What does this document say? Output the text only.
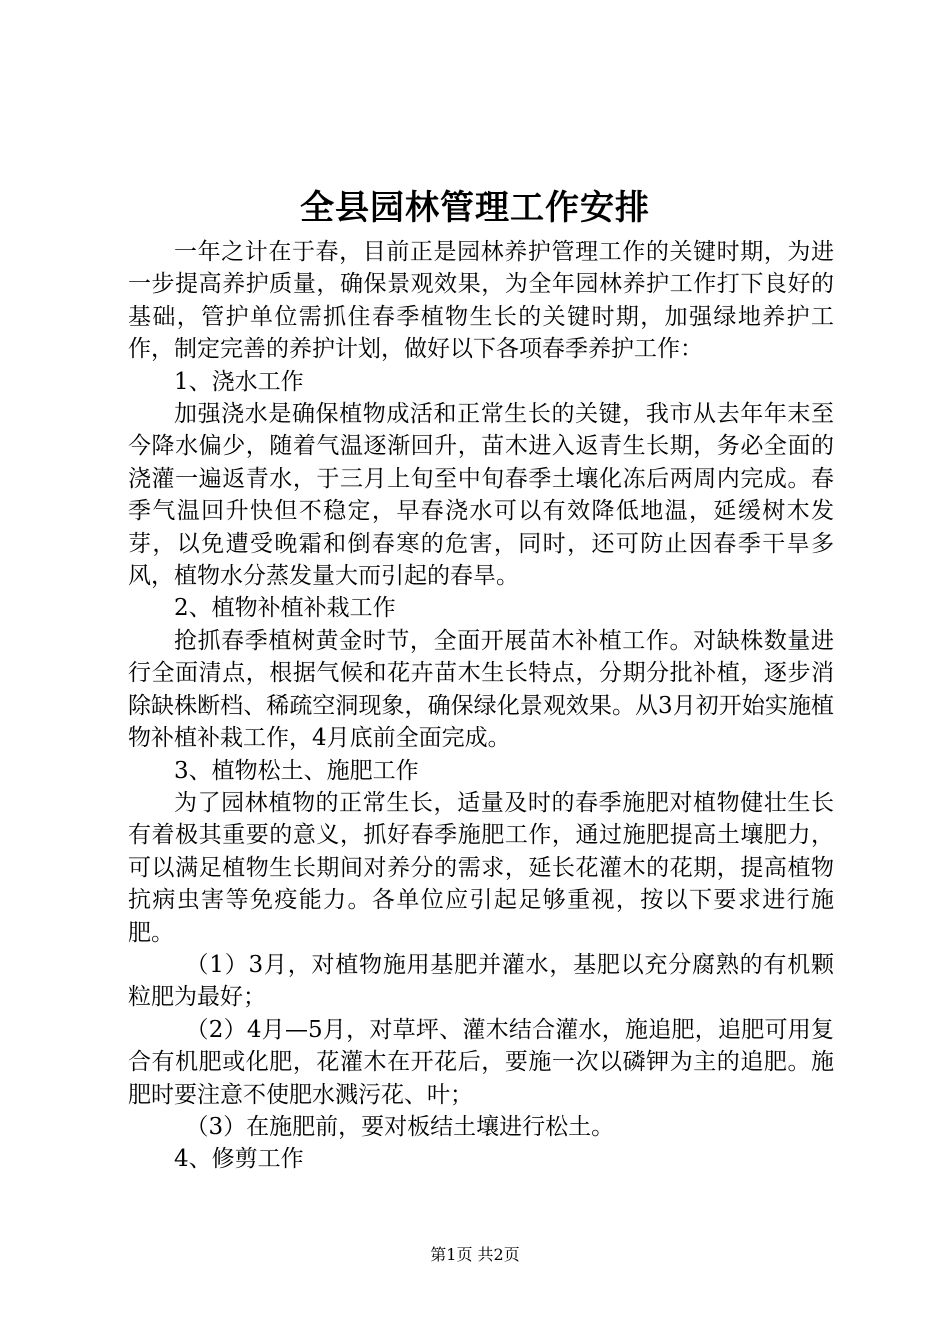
全县园林管理工作安排

一年之计在于春，目前正是园林养护管理工作的关键时期，为进一步提高养护质量，确保景观效果，为全年园林养护工作打下良好的基础，管护单位需抓住春季植物生长的关键时期，加强绿地养护工作，制定完善的养护计划，做好以下各项春季养护工作：

1、浇水工作

加强浇水是确保植物成活和正常生长的关键，我市从去年年末至今降水偏少，随着气温逐渐回升，苗木进入返青生长期，务必全面的浇灌一遍返青水，于三月上旬至中旬春季土壤化冻后两周内完成。春季气温回升快但不稳定，早春浇水可以有效降低地温，延缓树木发芽，以免遭受晚霜和倒春寒的危害，同时，还可防止因春季干旱多风，植物水分蒸发量大而引起的春旱。

2、植物补植补栽工作

抢抓春季植树黄金时节，全面开展苗木补植工作。对缺株数量进行全面清点，根据气候和花卉苗木生长特点，分期分批补植，逐步消除缺株断档、稀疏空洞现象，确保绿化景观效果。从3月初开始实施植物补植补栽工作，4月底前全面完成。

3、植物松土、施肥工作

为了园林植物的正常生长，适量及时的春季施肥对植物健壮生长有着极其重要的意义，抓好春季施肥工作，通过施肥提高土壤肥力，可以满足植物生长期间对养分的需求，延长花灌木的花期，提高植物抗病虫害等免疫能力。各单位应引起足够重视，按以下要求进行施肥。

（1）3月，对植物施用基肥并灌水，基肥以充分腐熟的有机颗粒肥为最好；

（2）4月—5月，对草坪、灌木结合灌水，施追肥，追肥可用复合有机肥或化肥，花灌木在开花后，要施一次以磷钾为主的追肥。施肥时要注意不使肥水溅污花、叶；

（3）在施肥前，要对板结土壤进行松土。

4、修剪工作

第1页 共2页
